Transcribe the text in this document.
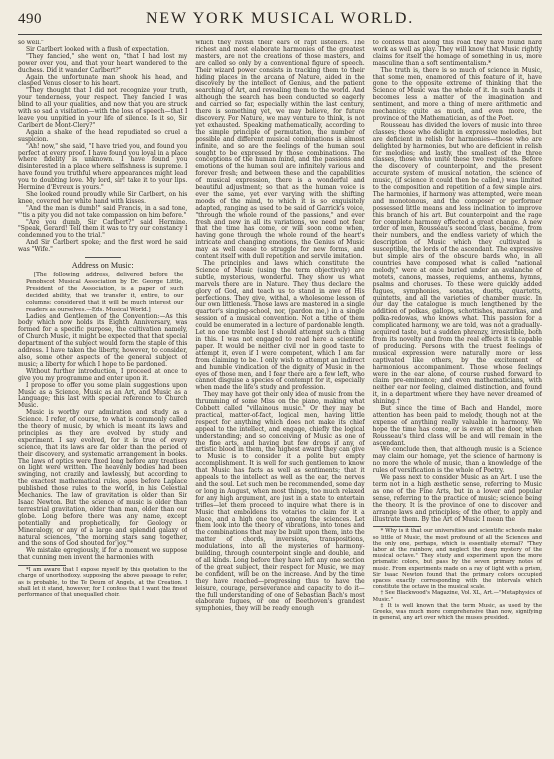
490	NEW YORK MUSICAL WORLD.

so well."

Sir Carlbert looked with a flush of expectation.

"They fancied," she went on, "that I had lost my power over you, and that your heart wandered to the duchess. Did it wander Carlbert?"

Again the unfortunate man shook his head, and clasped Venus closer to his heart.

"They thought that I did not recognize your truth, your tenderness, your respect. They fancied I was blind to all your qualities, and now that you are struck with so sad a visitation—with the loss of speech—that I leave you unpitied in your life of silence. Is it so, Sir Carlbert de Mont-Clery?"

Again a shake of the head repudiated so cruel a suspicion.

"Ah! now," she said, "I have tried you, and found you perfect at every proof. I have found you loyal in a place where fidelity is unknown. I have found you disinterested in a place where selfishness is supreme. I have found you truthful where appearances might lead you to doubting love. My lord, sir! take it to your lips. Hermine d'Evreux is yours."

She looked round proudly while Sir Carlbert, on his knee, covered her white hand with kisses.

"And the man is dumb!" said Francis, in a sad tone, "'tis a pity you did not take compassion on him before."

"Are you dumb, Sir Carlbert?" said Hermine. "Speak, Gerard! Tell them it was to try our constancy I condemned you to the trial."

And Sir Carlbert spoke; and the first word he said was "Wife."

Address on Music:

[The following address, delivered before the Penobscot Musical Association by Dr. George Little, President of the Association, is a paper of such decided ability, that we transfer it, entire, to our columns: considered that it will be much interest our readers as ourselves.—Eds. Musical World.]

Ladies and Gentlemen of the Convention:—As this body which now holds its Eighth Anniversary, was formed for a specific purpose, the cultivation namely, of Church Music, it might be expected that that special department of the subject would form the staple of this address. I have taken the liberty, however, to consider, also, some other aspects of the general subject of music; a liberty for which I hope to be pardoned.

Without further introduction, I proceed at once to give you my programme and enter upon it.

I propose to offer you some plain suggestions upon Music as a Science, Music as an Art, and Music as a Language; this last with special reference to Church Music.

Music is worthy our admiration and study as a Science. I refer, of course, to what is commonly called the theory of music, by which is meant its laws and principles as they are evolved by study and experiment. I say evolved, for it is true of every science, that its laws are far older than the period of their discovery, and systematic arrangement in books. The laws of optics were fixed long before any treatises on light were written. The heavenly bodies had been swinging, not crazily and lawlessly, but according to the exactest mathematical rules, ages before Laplace published those rules to the world, in his Celestial Mechanics. The law of gravitation is older than Sir Isaac Newton. But the science of music is older than terrestrial gravitation, older than man, older than our globe. Long before there was any name, except potentially and prophetically, for Geology or Mineralogy, or any of a large and splendid galaxy of natural sciences, "the morning stars sang together, and the sons of God shouted for joy."*

We mistake egregiously, if for a moment we suppose that cunning men invent the harmonies with

*I am aware that I expose myself by this quotation to the charge of unorthodoxy. supposing the above passage to refer, as is probable, to the Te Deum of Angels, at the Creation. I shall let it stand, however, for I confess that I want the finest performance of that unequalled choir.

which they ravish their ears of rapt listeners. The richest and most elaborate harmonies of the greatest masters, are not the creations of those masters, and are called so only by a conventional figure of speech. Their wizard power consists in tracking them to their hiding places in the arcana of Nature, aided in the discovery by the intellect of Genius, and the patient searching of Art, and revealing them to the world. And although the search has been conducted so eagerly and carried so far, especially within the last century, there is something yet, we may believe, for future discovery. For Nature, we may venture to think, is not yet exhausted. Speaking mathematically, according to the simple principle of permutation, the number of possible and different musical combinations is almost infinite, and so are the feelings of the human soul sought to be expressed by those combinations. The conceptions of the human mind, and the passions and emotions of the human soul are infinitely various and forever fresh; and between these and the capabilities of musical expression, there is a wonderful and beautiful adjustment; so that as the human voice is ever the same, yet ever varying with the shifting moods of the mind, to which it is so exquisitely adapted, ranging as used to be said of Garrick's voice, "through the whole round of the passions," and ever fresh and new in all its variations, we need not fear that the time has come, or will soon come when, having gone through the whole round of the heart's intricate and changing emotions, the Genius of Music may as well cease to struggle for new forms, and content itself with dull repetition and servile imitation.

The principles and laws which constitute the Science of Music (using the term objectively) are subtle, mysterious, wonderful. They show us what marvels there are in Nature. They thus declare the glory of God, and teach us to stand in awe of His perfections. They give, withal, a wholesome lesson of our own littleness. Those laws are mastered in a single quarter's singing-school, nor, (pardon me,) in a single session of a musical convention. Not a tithe of them could be enumerated in a lecture of pardonable length. Let no one tremble lest I should attempt such a thing in this. I was not engaged to read here a scientific paper. It would be neither civil nor in good taste to attempt it, even if I were competent, which I am far from claiming to be. I only wish to attempt an indirect and humble vindication of the dignity of Music in the eyes of those men, and I fear there are a few left, who cannot disguise a species of contempt for it, especially when made the life's study and profession.

They may have got their only idea of music from the thrumming of some Miss on the piano, making what Cobbett called "villainous music." Or they may be practical, matter-of-fact, logical men, having little respect for anything which does not make its chief appeal to the intellect, and engage, chiefly the logical understanding; and so conceiving of Music as one of the fine arts, and having but few drops if any, of artistic blood in them, the highest award they can give to Music is to consider it a polite but empty accomplishment. It is well for such gentlemen to know that Music has facts as well as sentiments; that it appeals to the intellect as well as the ear, the nerves and the soul. Let such men be recommended, some day or long in August, when most things, too much relaxed for any high argument, are just in a state to entertain trifles—let them proceed to inquire what there is in Music that emboldens its votaries to claim for it a place, and a high one too, among the sciences. Let them look into the theory of vibrations, into tones and the combinations that may be built upon them, into the matter of chords, inversions, transpositions, modulations, into all the mysteries of harmony-building, through counterpoint single and double, and of all kinds. Long before they have left any one section of the great subject, their respect for Music, we may be confident, will be on the increase. And by the time they have reached—progressing thus to have the leisure, courage, perseverance and capacity to do it—the full understanding of one of Sebastian Bach's most elaborate fugues, or one of Beethoven's grandest symphonies, they will be ready enough

to confess that along this road they have found hard work as well as play. They will know that Music rightly claims for itself the homage of something in us, more masculine than a soft sentimentalism.*

The truth is, there is so much of science in Music, that some men, enamored of this feature of it, have gone to the opposite extreme of thinking that the Science of Music was the whole of it. In such hands it becomes less a matter of the imagination and sentiment, and more a thing of mere arithmetic and mechanics; quite as much, and even more, the province of the Mathematician, as of the Poet.

Rousseau has divided the lovers of music into three classes; those who delight in expressive melodies, but are deficient in relish for harmonies—those who are delighted by harmonies, but who are deficient in relish for melodies; and lastly, the smallest of the three classes, those who unite these two requisites. Before the discovery of counterpoint, and the present accurate system of musical notation, the science of music, (if science it could then be called,) was limited to the composition and repetition of a few simple airs. The harmonies, if harmony was attempted, were mean and monotonous, and the composer or performer possessed little means and less inclination to improve this branch of his art. But counterpoint and the rage for complete harmony effected a great change. A new order of men, Rousseau's second class, became, from their numbers, and the endless variety of which the description of Music which they cultivated is susceptible, the lords of the ascendant. The expressive but simple airs of the obscure bards who, in all countries have composed what is called "national melody," were at once buried under an avalanche of motets, canons, masses, requiems, anthems, hymns, psalms and choruses. To these were quickly added fugues, symphonies, sonatas, duetts, quartetts, quintetts, and all the varieties of chamber music. In our day the catalogue is much lengthened by the addition of polkas, gallops, schottishes, mazurkas, and polka-redowas, who knows what. This passion for a complicated harmony, we are told, was not a gradually-acquired taste, but a sudden phrenzy, irresistible, both from its novelty and from the real effects it is capable of producing. Persons with the truest feelings of musical expression were naturally more or less captivated like others, by the excitement of harmonious accompaniment. Those whose feelings were in the ear alone, of course rushed forward to claim pre-eminence; and even mathematicians, with neither ear nor feeling, claimed distinction, and found it, in a department where they have never dreamed of shining.†

But since the time of Bach and Handel, more attention has been paid to melody, though not at the expense of anything really valuable in harmony. We hope the time has come, or is even at the door, when Rousseau's third class will be and will remain in the ascendant.

We conclude then, that although music is a Science may claim our homage, yet the science of harmony is no more the whole of music, than a knowledge of the rules of versification is the whole of Poetry.

We pass next to consider Music as an Art. I use the term not in a high æsthetic sense, referring to Music as one of the Fine Arts, but in a lower and popular sense, referring to the practice of music; science being the theory. It is the province of one to discover and arrange laws and principles; of the other, to apply and illustrate them. By the Art of Music I mean the

* Why is it that our universities and scientific schools make so little of Music, the most profound of all the Sciences and the only one, perhaps, which is essentially eternal? "They labor at the rainbow, and neglect the deep mystery of the musical octave." They study and experiment upon the more prismatic colors, but pass by the seven primary notes of music. From experiments made on a ray of light with a prism, Sir Isaac Newton found that the primary colors occupied spaces exactly corresponding with the intervals which constitute the octave in the musical scale.

† See Blackwood's Magazine, Vol. XL, Art.—"Metaphysics of Music."

‡ It is well known that the term Music, as used by the Greeks, was much more comprehensive than now, signifying in general, any art over which the muses presided.
